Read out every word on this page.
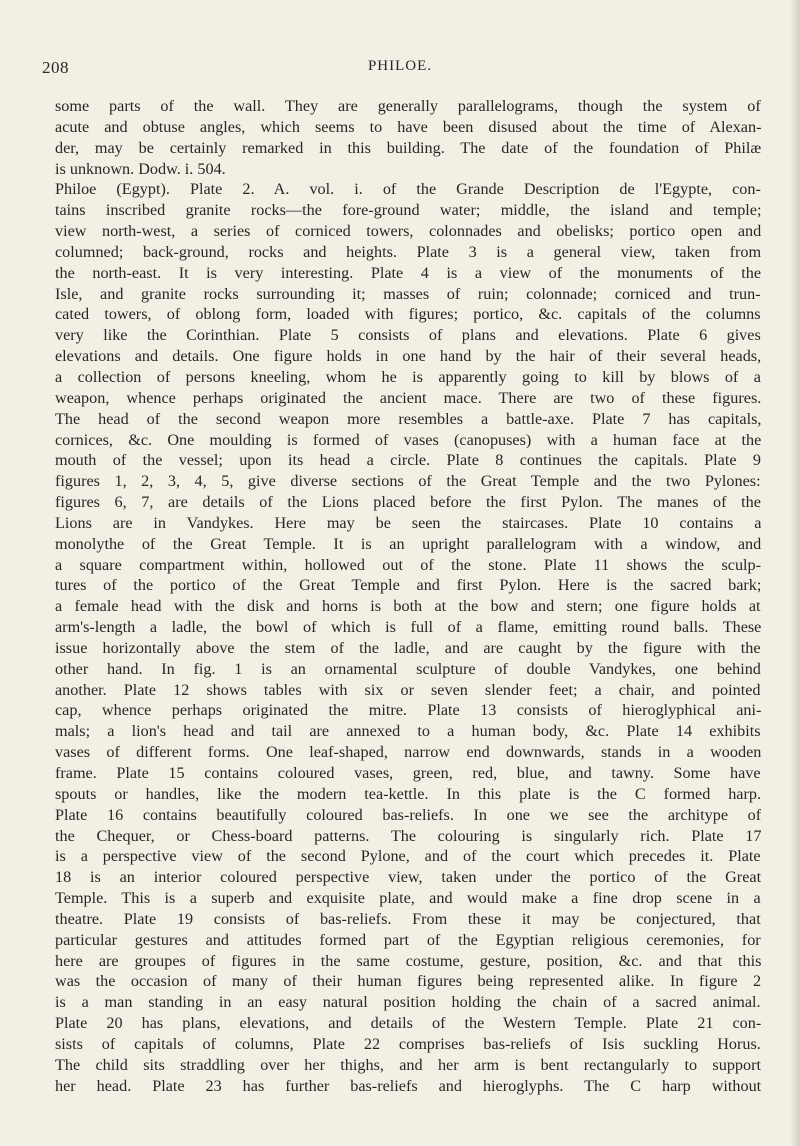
208	PHILOE.
some parts of the wall. They are generally parallelograms, though the system of
acute and obtuse angles, which seems to have been disused about the time of Alexan-
der, may be certainly remarked in this building. The date of the foundation of Philæ
is unknown. Dodw. i. 504.
Philoe (Egypt). Plate 2. A. vol. i. of the Grande Description de l'Egypte, con-
tains inscribed granite rocks—the fore-ground water; middle, the island and temple;
view north-west, a series of corniced towers, colonnades and obelisks; portico open and
columned; back-ground, rocks and heights. Plate 3 is a general view, taken from
the north-east. It is very interesting. Plate 4 is a view of the monuments of the
Isle, and granite rocks surrounding it; masses of ruin; colonnade; corniced and trun-
cated towers, of oblong form, loaded with figures; portico, &c. capitals of the columns
very like the Corinthian. Plate 5 consists of plans and elevations. Plate 6 gives
elevations and details. One figure holds in one hand by the hair of their several heads,
a collection of persons kneeling, whom he is apparently going to kill by blows of a
weapon, whence perhaps originated the ancient mace. There are two of these figures.
The head of the second weapon more resembles a battle-axe. Plate 7 has capitals,
cornices, &c. One moulding is formed of vases (canopuses) with a human face at the
mouth of the vessel; upon its head a circle. Plate 8 continues the capitals. Plate 9
figures 1, 2, 3, 4, 5, give diverse sections of the Great Temple and the two Pylones:
figures 6, 7, are details of the Lions placed before the first Pylon. The manes of the
Lions are in Vandykes. Here may be seen the staircases. Plate 10 contains a
monolythe of the Great Temple. It is an upright parallelogram with a window, and
a square compartment within, hollowed out of the stone. Plate 11 shows the sculp-
tures of the portico of the Great Temple and first Pylon. Here is the sacred bark;
a female head with the disk and horns is both at the bow and stern; one figure holds at
arm's-length a ladle, the bowl of which is full of a flame, emitting round balls. These
issue horizontally above the stem of the ladle, and are caught by the figure with the
other hand. In fig. 1 is an ornamental sculpture of double Vandykes, one behind
another. Plate 12 shows tables with six or seven slender feet; a chair, and pointed
cap, whence perhaps originated the mitre. Plate 13 consists of hieroglyphical ani-
mals; a lion's head and tail are annexed to a human body, &c. Plate 14 exhibits
vases of different forms. One leaf-shaped, narrow end downwards, stands in a wooden
frame. Plate 15 contains coloured vases, green, red, blue, and tawny. Some have
spouts or handles, like the modern tea-kettle. In this plate is the C formed harp.
Plate 16 contains beautifully coloured bas-reliefs. In one we see the architype of
the Chequer, or Chess-board patterns. The colouring is singularly rich. Plate 17
is a perspective view of the second Pylone, and of the court which precedes it. Plate
18 is an interior coloured perspective view, taken under the portico of the Great
Temple. This is a superb and exquisite plate, and would make a fine drop scene in a
theatre. Plate 19 consists of bas-reliefs. From these it may be conjectured, that
particular gestures and attitudes formed part of the Egyptian religious ceremonies, for
here are groupes of figures in the same costume, gesture, position, &c. and that this
was the occasion of many of their human figures being represented alike. In figure 2
is a man standing in an easy natural position holding the chain of a sacred animal.
Plate 20 has plans, elevations, and details of the Western Temple. Plate 21 con-
sists of capitals of columns, Plate 22 comprises bas-reliefs of Isis suckling Horus.
The child sits straddling over her thighs, and her arm is bent rectangularly to support
her head. Plate 23 has further bas-reliefs and hieroglyphs. The C harp without
